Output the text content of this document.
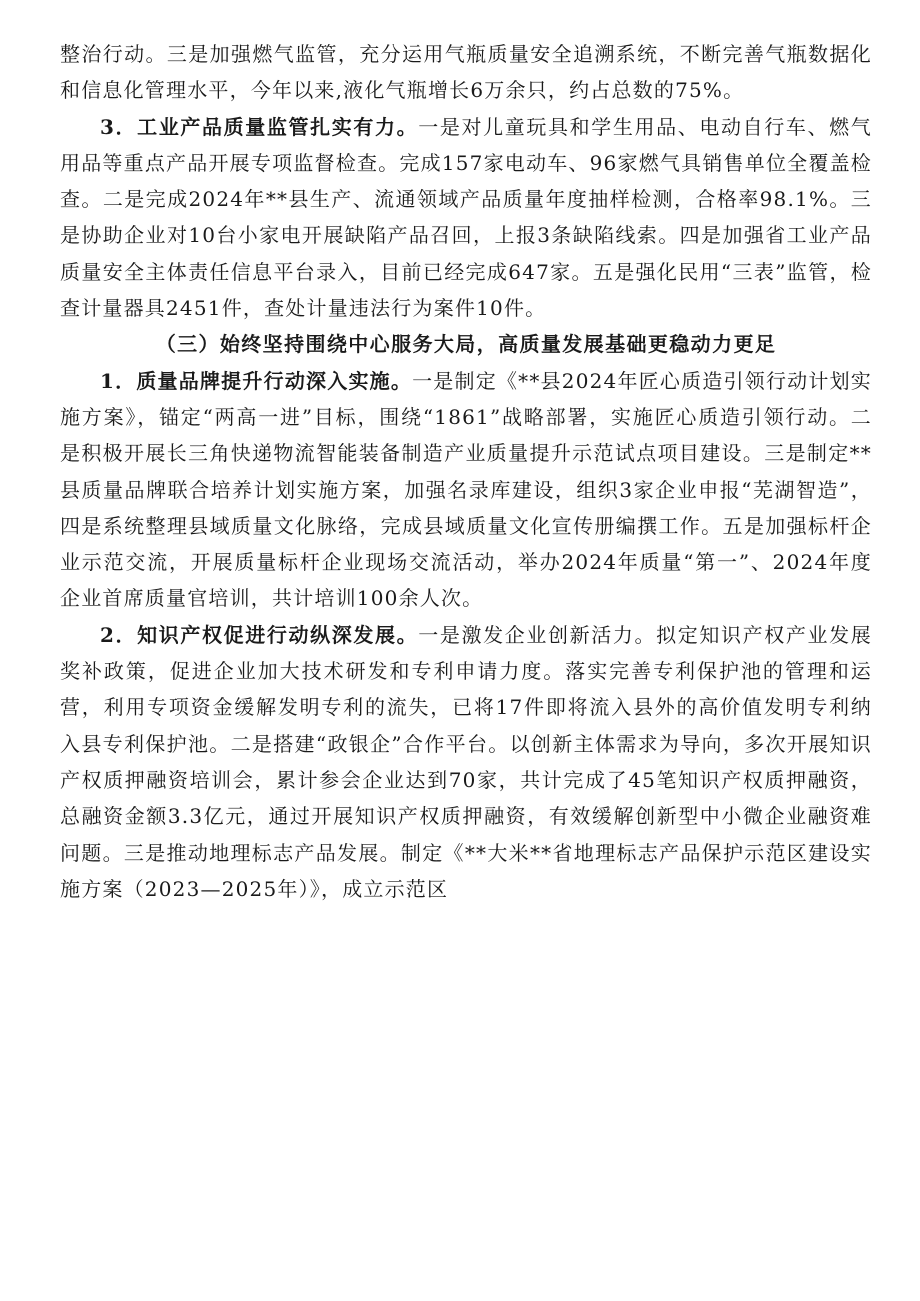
整治行动。三是加强燃气监管，充分运用气瓶质量安全追溯系统，不断完善气瓶数据化和信息化管理水平，今年以来,液化气瓶增长6万余只，约占总数的75%。

3．工业产品质量监管扎实有力。一是对儿童玩具和学生用品、电动自行车、燃气用品等重点产品开展专项监督检查。完成157家电动车、96家燃气具销售单位全覆盖检查。二是完成2024年**县生产、流通领域产品质量年度抽样检测，合格率98.1%。三是协助企业对10台小家电开展缺陷产品召回，上报3条缺陷线索。四是加强省工业产品质量安全主体责任信息平台录入，目前已经完成647家。五是强化民用“三表”监管，检查计量器具2451件，查处计量违法行为案件10件。

（三）始终坚持围绕中心服务大局，高质量发展基础更稳动力更足

1．质量品牌提升行动深入实施。一是制定《**县2024年匠心质造引领行动计划实施方案》，锚定“两高一进”目标，围绕“1861”战略部署，实施匠心质造引领行动。二是积极开展长三角快递物流智能装备制造产业质量提升示范试点项目建设。三是制定**县质量品牌联合培养计划实施方案，加强名录库建设，组织3家企业申报“芜湖智造”，四是系统整理县域质量文化脉络，完成县域质量文化宣传册编撰工作。五是加强标杆企业示范交流，开展质量标杆企业现场交流活动，举办2024年质量“第一”、2024年度企业首席质量官培训，共计培训100余人次。

2．知识产权促进行动纵深发展。一是激发企业创新活力。拟定知识产权产业发展奖补政策，促进企业加大技术研发和专利申请力度。落实完善专利保护池的管理和运营，利用专项资金缓解发明专利的流失，已将17件即将流入县外的高价值发明专利纳入县专利保护池。二是搭建“政银企”合作平台。以创新主体需求为导向，多次开展知识产权质押融资培训会，累计参会企业达到70家，共计完成了45笔知识产权质押融资，总融资金额3.3亿元，通过开展知识产权质押融资，有效缓解创新型中小微企业融资难问题。三是推动地理标志产品发展。制定《**大米**省地理标志产品保护示范区建设实施方案（2023—2025年）》，成立示范区
